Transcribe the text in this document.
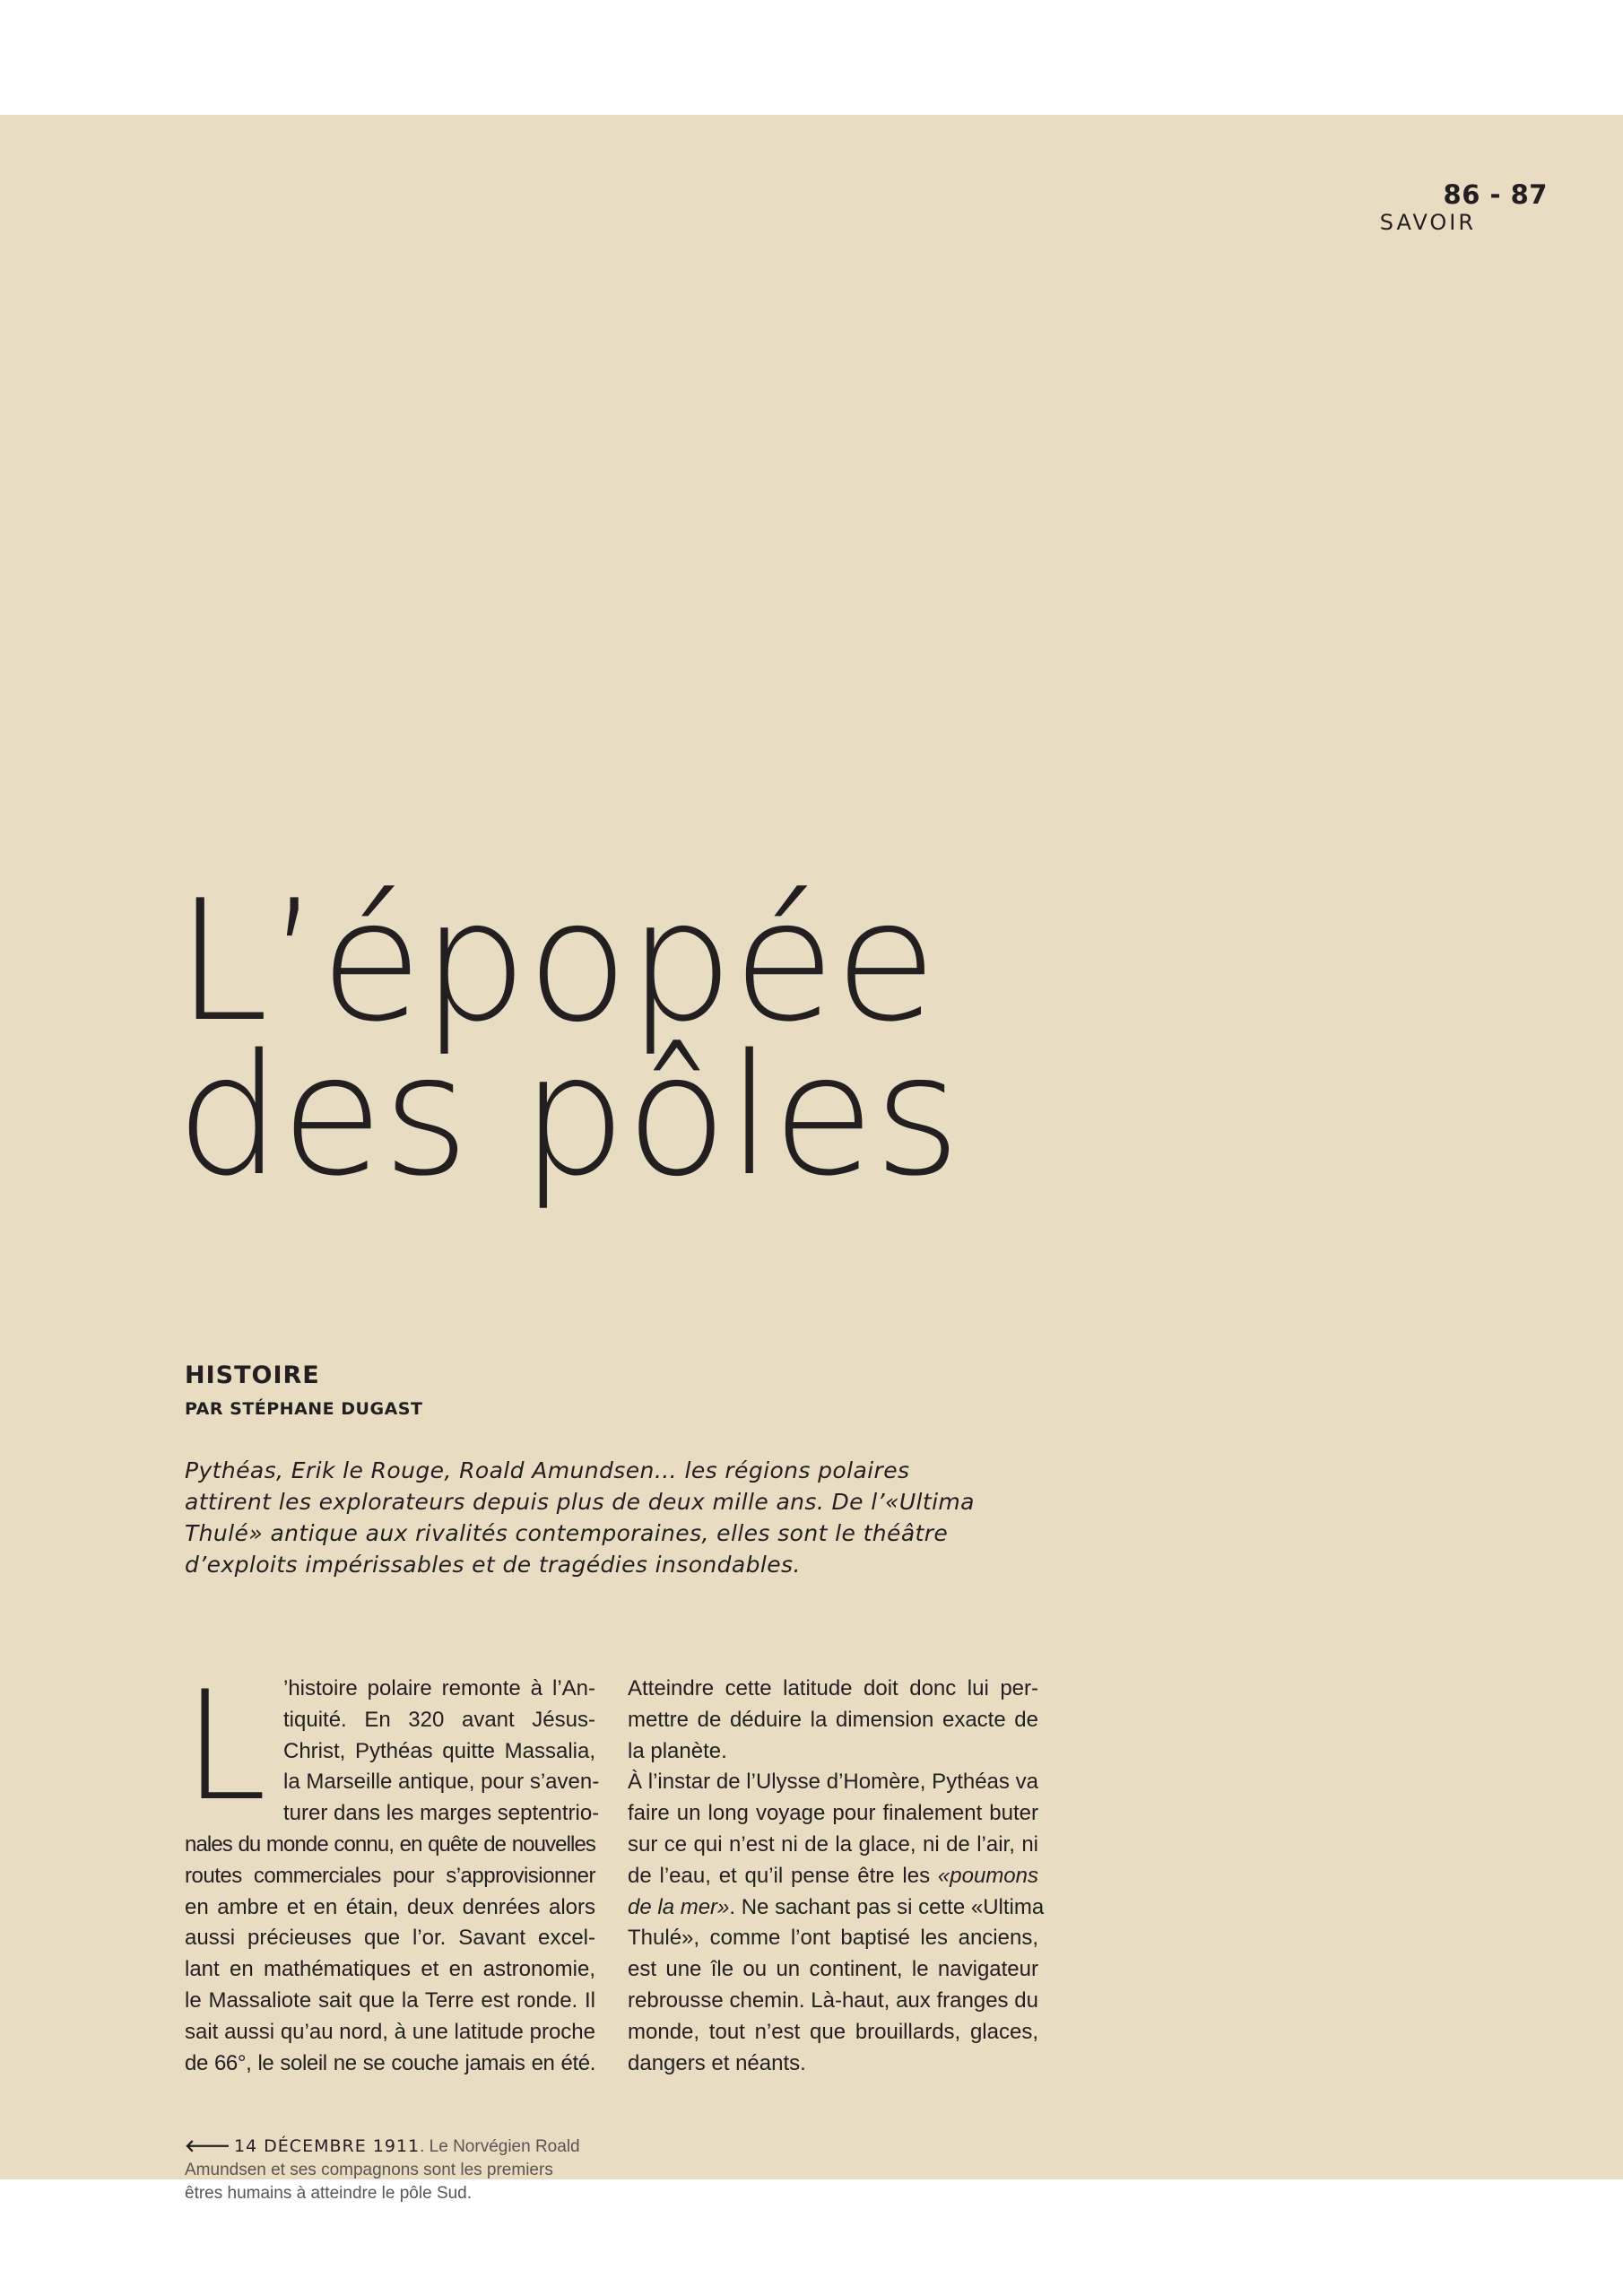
86 - 87
SAVOIR
L’épopée
des pôles
HISTOIRE
PAR STÉPHANE DUGAST
Pythéas, Erik le Rouge, Roald Amundsen… les régions polaires
attirent les explorateurs depuis plus de deux mille ans. De l’«Ultima
Thulé» antique aux rivalités contemporaines, elles sont le théâtre
d’exploits impérissables et de tragédies insondables.
L ’histoire polaire remonte à l’An-
tiquité. En 320 avant Jésus-
Christ, Pythéas quitte Massalia,
la Marseille antique, pour s’aven-
turer dans les marges septentrio-
nales du monde connu, en quête de nouvelles
routes commerciales pour s’approvisionner
en ambre et en étain, deux denrées alors
aussi précieuses que l’or. Savant excel-
lant en mathématiques et en astronomie,
le Massaliote sait que la Terre est ronde. Il
sait aussi qu’au nord, à une latitude proche
de 66°, le soleil ne se couche jamais en été.
Atteindre cette latitude doit donc lui per-
mettre de déduire la dimension exacte de
la planète.
À l’instar de l’Ulysse d’Homère, Pythéas va
faire un long voyage pour finalement buter
sur ce qui n’est ni de la glace, ni de l’air, ni
de l’eau, et qu’il pense être les «poumons
de la mer». Ne sachant pas si cette «Ultima
Thulé», comme l’ont baptisé les anciens,
est une île ou un continent, le navigateur
rebrousse chemin. Là-haut, aux franges du
monde, tout n’est que brouillards, glaces,
dangers et néants.
🡐 14 DÉCEMBRE 1911. Le Norvégien Roald
Amundsen et ses compagnons sont les premiers
êtres humains à atteindre le pôle Sud.
